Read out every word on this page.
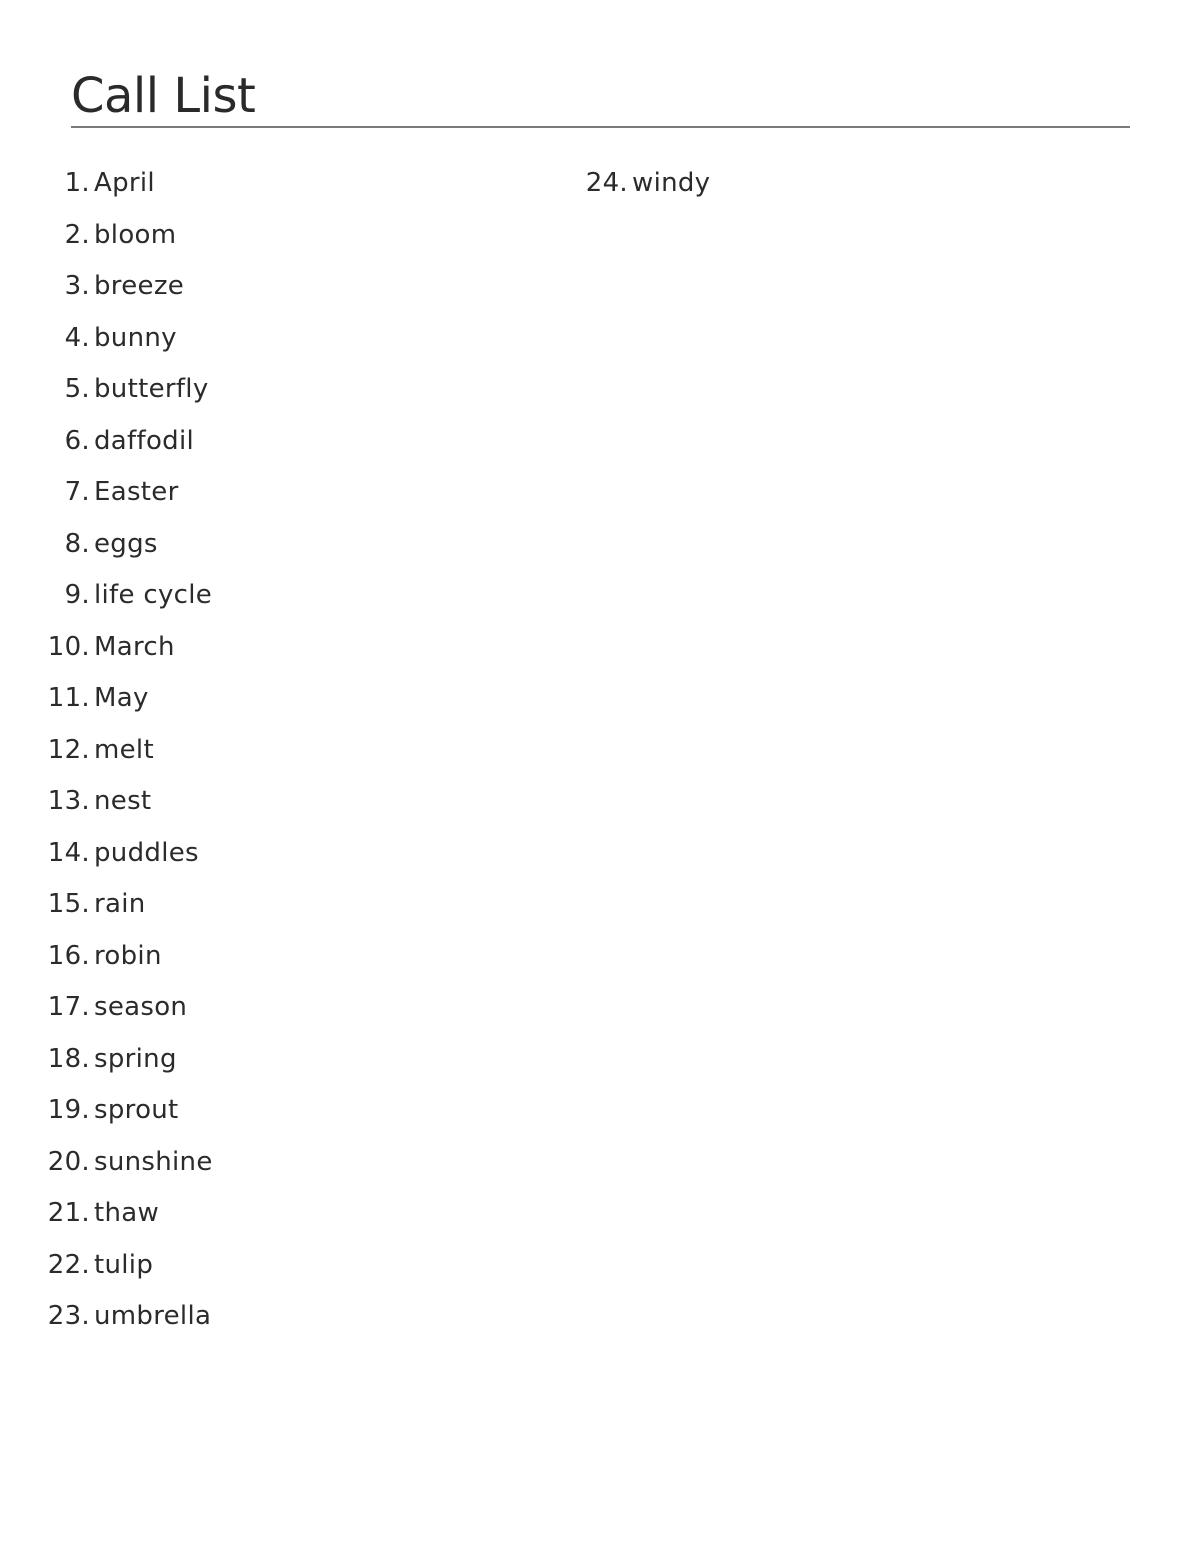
Call List
1. April
2. bloom
3. breeze
4. bunny
5. butterfly
6. daffodil
7. Easter
8. eggs
9. life cycle
10. March
11. May
12. melt
13. nest
14. puddles
15. rain
16. robin
17. season
18. spring
19. sprout
20. sunshine
21. thaw
22. tulip
23. umbrella
24. windy
